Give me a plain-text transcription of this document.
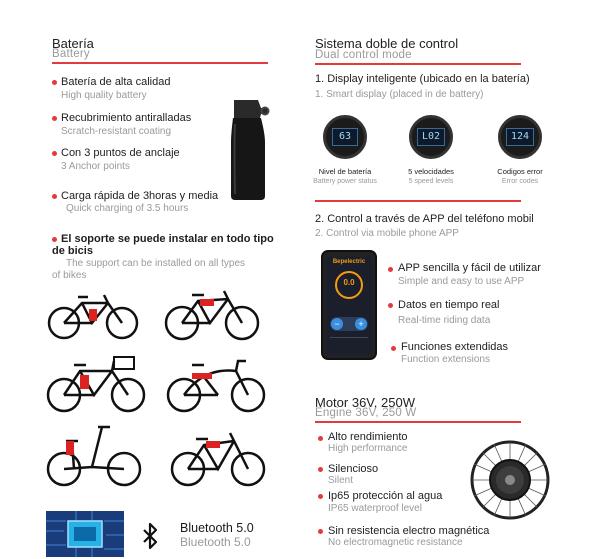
Batería
Battery
Batería de alta calidad
High quality battery
Recubrimiento antiralladas
Scratch-resistant coating
Con 3 puntos de anclaje
3 Anchor points
Carga rápida de 3horas y media
Quick charging of 3.5 hours
El soporte se puede instalar en todo tipo
de bicis
The support can be installed on all types
of bikes
Bluetooth 5.0
Bluetooth 5.0
Sistema doble de control
Dual control mode
1. Display inteligente (ubicado en la batería)
1. Smart display (placed in de battery)
63	L02	124
Nivel de batería
Battery power status
5 velocidades
5 speed levels
Codigos error
Error codes
2. Control a través de APP del teléfono mobil
2. Control via mobile phone APP
Bepelectric
0.0
−	+
APP sencilla y fácil de utilizar
Simple and easy to use APP
Datos en tiempo real
Real-time riding data
Funciones extendidas
Function extensions
Motor 36V, 250W
Engine 36V, 250 W
Alto rendimiento
High performance
Silencioso
Silent
Ip65 protección al agua
IP65 waterproof level
Sin resistencia electro magnética
No electromagnetic resistance
